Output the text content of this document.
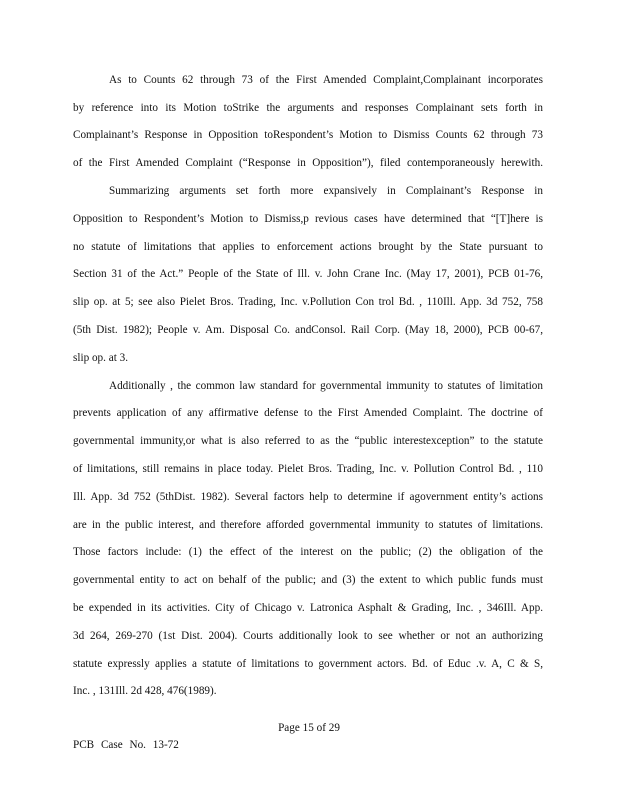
As to Counts 62 through 73 of the First Amended Complaint,Complainant incorporates

by reference into its Motion toStrike the arguments and responses Complainant sets forth in

Complainant’s Response in Opposition toRespondent’s Motion to Dismiss Counts 62 through 73

of the First Amended Complaint (“Response in Opposition”), filed contemporaneously herewith.

Summarizing arguments set forth more expansively in Complainant’s Response in

Opposition to Respondent’s Motion to Dismiss,p revious cases have determined that “[T]here is

no statute of limitations that applies to enforcement actions brought by the State pursuant to

Section 31 of the Act.” People of the State of Ill. v. John Crane Inc. (May 17, 2001), PCB 01-76,

slip op. at 5; see also Pielet Bros. Trading, Inc. v.Pollution Con trol Bd. , 110Ill. App. 3d 752, 758

(5th Dist. 1982); People v. Am. Disposal Co. andConsol. Rail Corp. (May 18, 2000), PCB 00-67,

slip op. at 3.

Additionally , the common law standard for governmental immunity to statutes of limitation

prevents application of any affirmative defense to the First Amended Complaint. The doctrine of

governmental immunity,or what is also referred to as the “public interestexception” to the statute

of limitations, still remains in place today. Pielet Bros. Trading, Inc. v. Pollution Control Bd. , 110

Ill. App. 3d 752 (5thDist. 1982). Several factors help to determine if agovernment entity’s actions

are in the public interest, and therefore afforded governmental immunity to statutes of limitations.

Those factors include: (1) the effect of the interest on the public; (2) the obligation of the

governmental entity to act on behalf of the public; and (3) the extent to which public funds must

be expended in its activities. City of Chicago v. Latronica Asphalt & Grading, Inc. , 346Ill. App.

3d 264, 269-270 (1st Dist. 2004). Courts additionally look to see whether or not an authorizing

statute expressly applies a statute of limitations to government actors. Bd. of Educ .v. A, C & S,

Inc. , 131Ill. 2d 428, 476(1989).

Page 15 of 29

PCB Case No. 13-72
